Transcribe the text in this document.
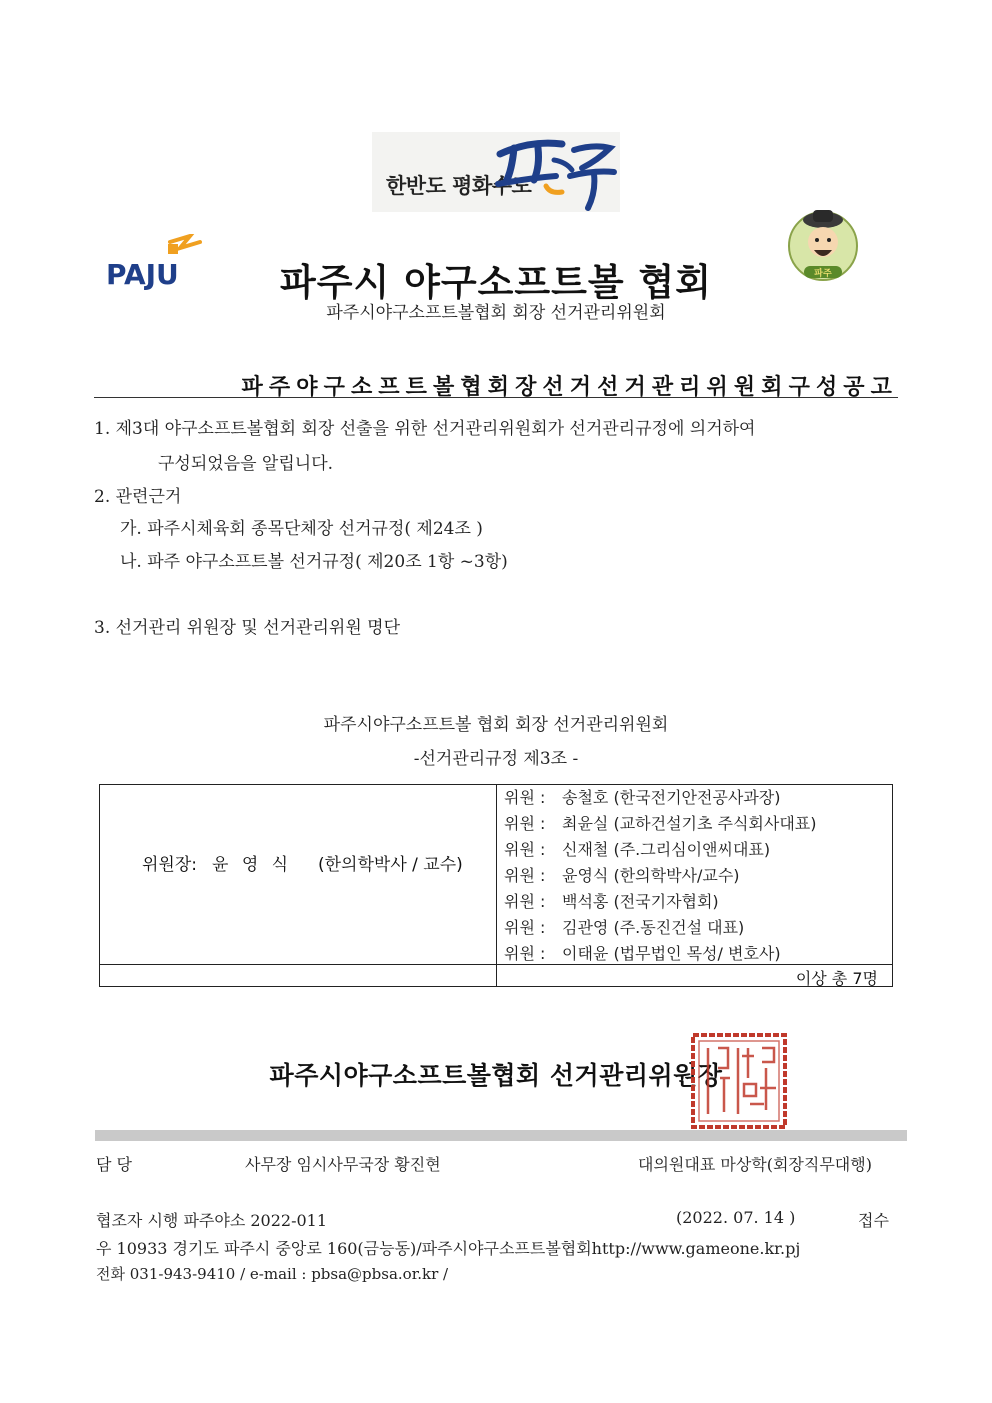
한반도 평화수도
PAJU	파주
파주시 야구소프트볼 협회
파주시야구소프트볼협회 회장 선거관리위원회
파주야구소프트볼협회장선거선거관리위원회구성공고
1. 제3대 야구소프트볼협회 회장 선출을 위한 선거관리위원회가 선거관리규정에 의거하여
구성되었음을 알립니다.
2. 관련근거
가. 파주시체육회 종목단체장 선거규정( 제24조 )
나. 파주 야구소프트볼 선거규정( 제20조 1항 ~3항)
3. 선거관리 위원장 및 선거관리위원 명단
파주시야구소프트볼 협회 회장 선거관리위원회
-선거관리규정 제3조 -
위원장: 윤 영 식 (한의학박사 / 교수)
위원 : 송철호 (한국전기안전공사과장)
위원 : 최윤실 (교하건설기초 주식회사대표)
위원 : 신재철 (주.그리심이앤씨대표)
위원 : 윤영식 (한의학박사/교수)
위원 : 백석홍 (전국기자협회)
위원 : 김관영 (주.동진건설 대표)
위원 : 이태윤 (법무법인 목성/ 변호사)
이상 총 7명
파주시야구소프트볼협회 선거관리위원장
담 당	사무장 임시사무국장 황진현	대의원대표 마상학(회장직무대행)
협조자 시행 파주야소 2022-011	(2022. 07. 14 )	접수
우 10933 경기도 파주시 중앙로 160(금능동)/파주시야구소프트볼협회http://www.gameone.kr.pj
전화 031-943-9410 / e-mail : pbsa@pbsa.or.kr /
